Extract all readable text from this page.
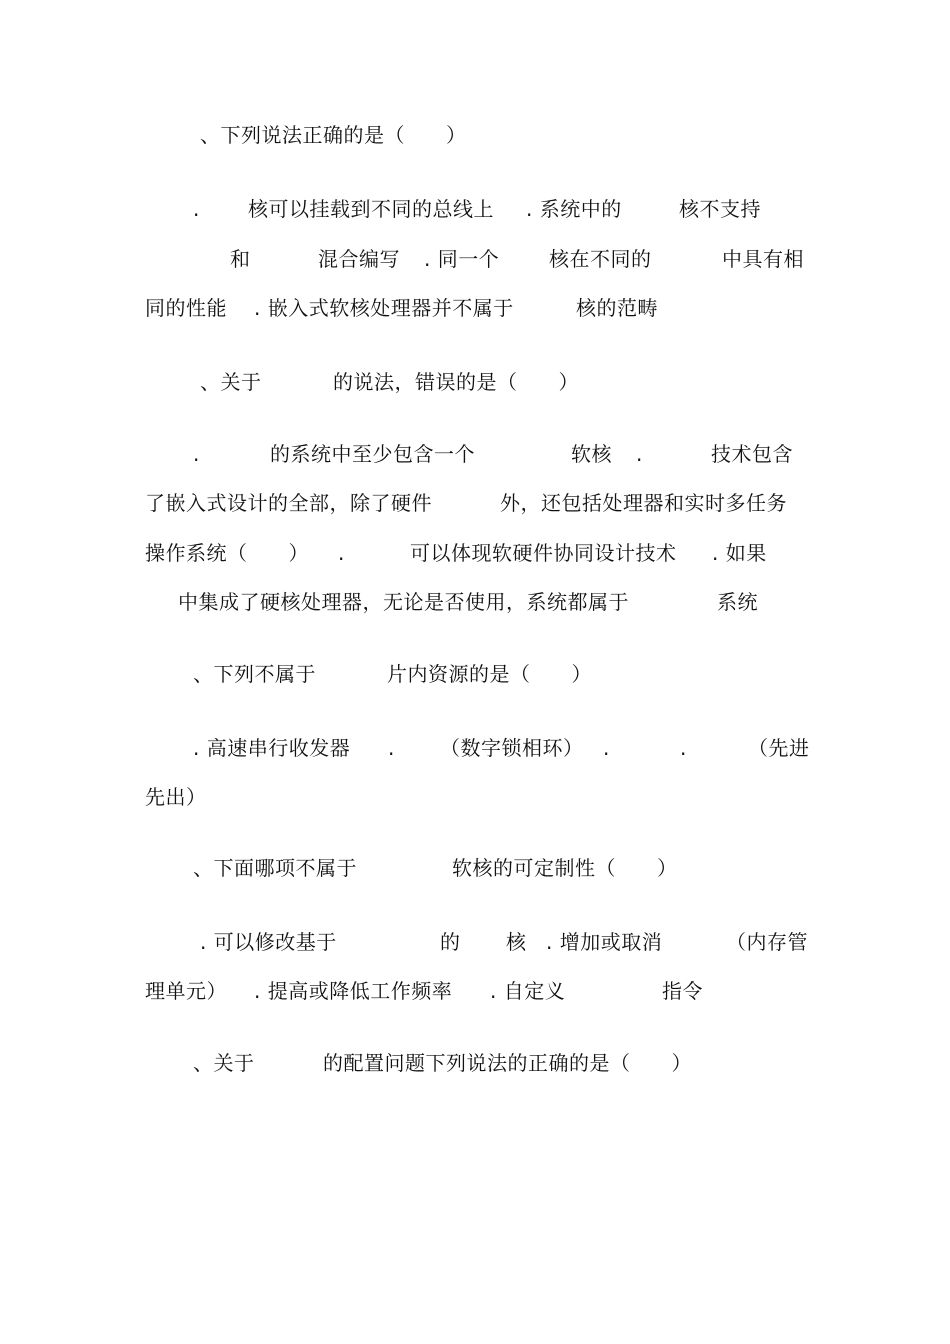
、下列说法正确的是（　　）
. 核可以挂载到不同的总线上 . 系统中的	核不支持
和	混合编写 . 同一个 核在不同的	中具有相
同的性能 . 嵌入式软核处理器并不属于	核的范畴
、关于	的说法，错误的是（　　）
.	的系统中至少包含一个	软核 .	技术包含
了嵌入式设计的全部，除了硬件	外，还包括处理器和实时多任务
操作系统（　　） .	可以体现软硬件协同设计技术 . 如果
中集成了硬核处理器，无论是否使用，系统都属于	系统
、下列不属于	片内资源的是（　　）
. 高速串行收发器 . （数字锁相环） .	.	（先进
先出）
、下面哪项不属于	软核的可定制性（　　）
. 可以修改基于	的 核 . 增加或取消	（内存管
理单元） . 提高或降低工作频率 . 自定义	指令
、关于	的配置问题下列说法的正确的是（　　）
